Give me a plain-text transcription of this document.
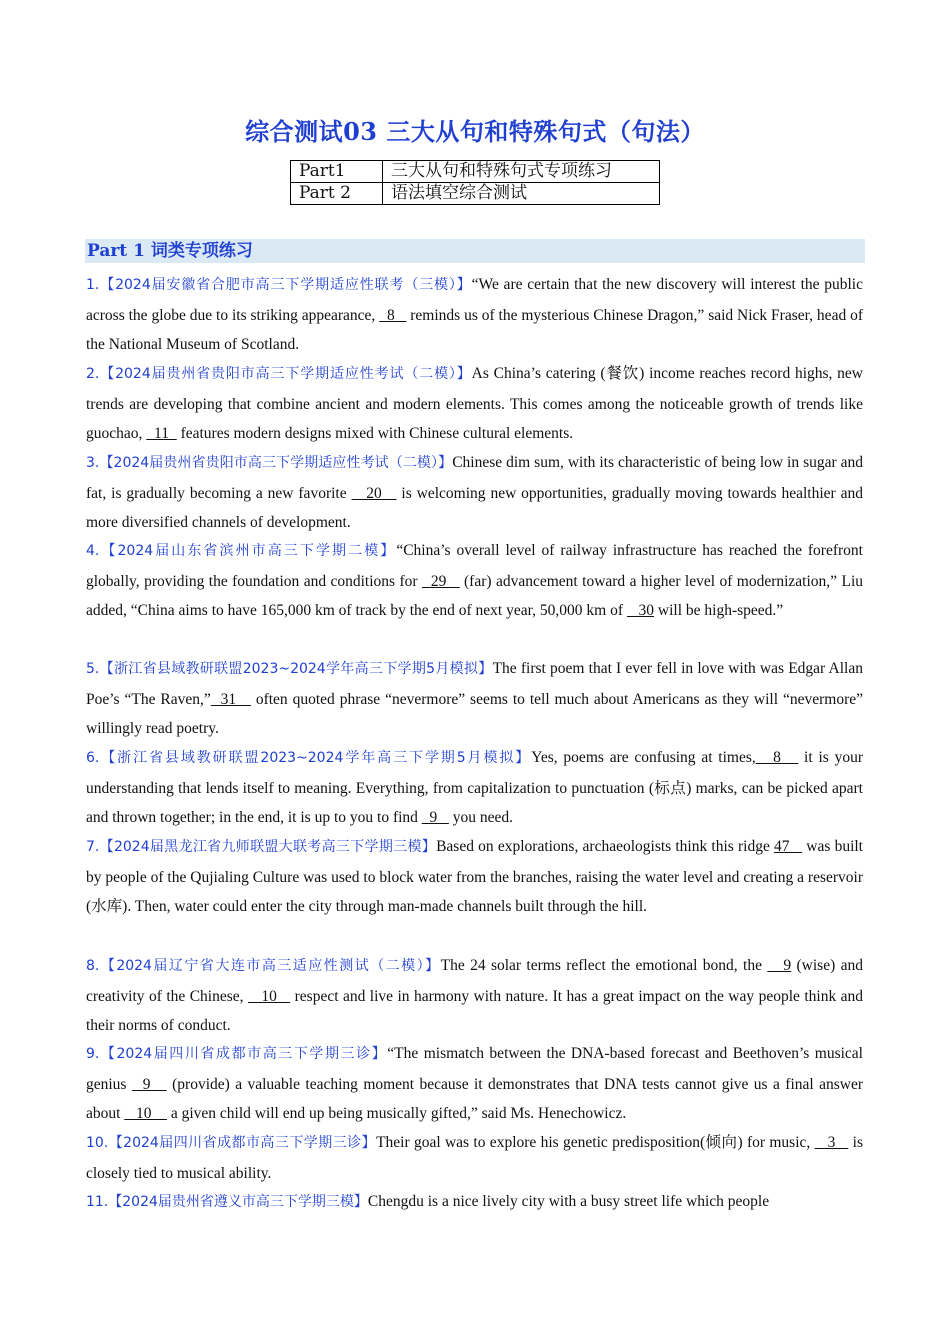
综合测试03 三大从句和特殊句式（句法）
Part1	三大从句和特殊句式专项练习
Part 2	语法填空综合测试
Part 1 词类专项练习

1.【2024届安徽省合肥市高三下学期适应性联考（三模）】“We are certain that the new discovery will interest the public across the globe due to its striking appearance,   8    reminds us of the mysterious Chinese Dragon,” said Nick Fraser, head of the National Museum of Scotland.

2.【2024届贵州省贵阳市高三下学期适应性考试（二模）】As China’s catering (餐饮) income reaches record highs, new trends are developing that combine ancient and modern elements. This comes among the noticeable growth of trends like guochao,   11   features modern designs mixed with Chinese cultural elements.

3.【2024届贵州省贵阳市高三下学期适应性考试（二模）】Chinese dim sum, with its characteristic of being low in sugar and fat, is gradually becoming a new favorite    20    is welcoming new opportunities, gradually moving towards healthier and more diversified channels of development.

4.【2024届山东省滨州市高三下学期二模】“China’s overall level of railway infrastructure has reached the forefront globally, providing the foundation and conditions for   29    (far) advancement toward a higher level of modernization,” Liu added, “China aims to have 165,000 km of track by the end of next year, 50,000 km of    30 will be high-speed.”

5.【浙江省县域教研联盟2023~2024学年高三下学期5月模拟】The first poem that I ever fell in love with was Edgar Allan Poe’s “The Raven,”  31    often quoted phrase “nevermore” seems to tell much about Americans as they will “nevermore” willingly read poetry.

6.【浙江省县域教研联盟2023~2024学年高三下学期5月模拟】Yes, poems are confusing at times,   8    it is your understanding that lends itself to meaning. Everything, from capitalization to punctuation (标点) marks, can be picked apart and thrown together; in the end, it is up to you to find   9    you need.

7.【2024届黑龙江省九师联盟大联考高三下学期三模】Based on explorations, archaeologists think this ridge 47    was built by people of the Qujialing Culture was used to block water from the branches, raising the water level and creating a reservoir (水库). Then, water could enter the city through man-made channels built through the hill.

8.【2024届辽宁省大连市高三适应性测试（二模）】The 24 solar terms reflect the emotional bond, the    9 (wise) and creativity of the Chinese,    10    respect and live in harmony with nature. It has a great impact on the way people think and their norms of conduct.

9.【2024届四川省成都市高三下学期三诊】“The mismatch between the DNA-based forecast and Beethoven’s musical genius   9    (provide) a valuable teaching moment because it demonstrates that DNA tests cannot give us a final answer about    10     a given child will end up being musically gifted,” said Ms. Henechowicz.

10.【2024届四川省成都市高三下学期三诊】Their goal was to explore his genetic predisposition(倾向) for music,    3    is closely tied to musical ability.

11.【2024届贵州省遵义市高三下学期三模】Chengdu is a nice lively city with a busy street life which people
